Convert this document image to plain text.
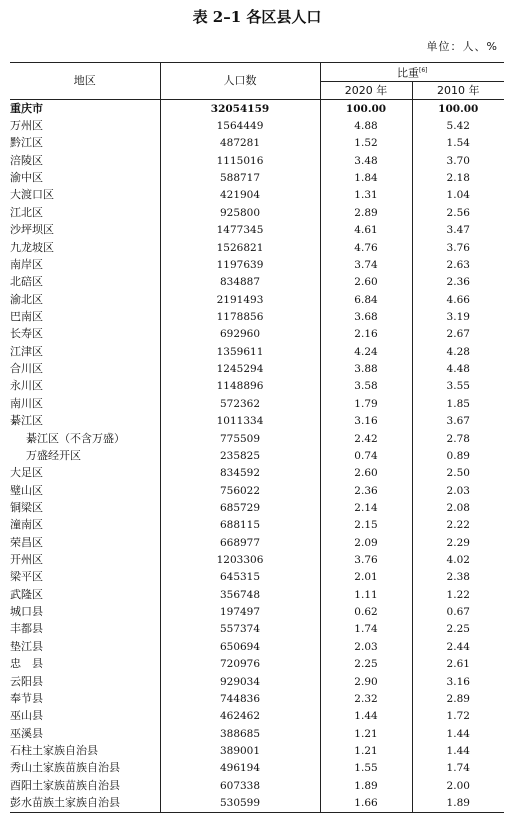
表 2–1 各区县人口
单位：人、%
地区	人口数	比重[6]
		2020 年	2010 年
重庆市	32054159	100.00	100.00
万州区	1564449	4.88	5.42
黔江区	487281	1.52	1.54
涪陵区	1115016	3.48	3.70
渝中区	588717	1.84	2.18
大渡口区	421904	1.31	1.04
江北区	925800	2.89	2.56
沙坪坝区	1477345	4.61	3.47
九龙坡区	1526821	4.76	3.76
南岸区	1197639	3.74	2.63
北碚区	834887	2.60	2.36
渝北区	2191493	6.84	4.66
巴南区	1178856	3.68	3.19
长寿区	692960	2.16	2.67
江津区	1359611	4.24	4.28
合川区	1245294	3.88	4.48
永川区	1148896	3.58	3.55
南川区	572362	1.79	1.85
綦江区	1011334	3.16	3.67
綦江区（不含万盛）	775509	2.42	2.78
万盛经开区	235825	0.74	0.89
大足区	834592	2.60	2.50
璧山区	756022	2.36	2.03
铜梁区	685729	2.14	2.08
潼南区	688115	2.15	2.22
荣昌区	668977	2.09	2.29
开州区	1203306	3.76	4.02
梁平区	645315	2.01	2.38
武隆区	356748	1.11	1.22
城口县	197497	0.62	0.67
丰都县	557374	1.74	2.25
垫江县	650694	2.03	2.44
忠　县	720976	2.25	2.61
云阳县	929034	2.90	3.16
奉节县	744836	2.32	2.89
巫山县	462462	1.44	1.72
巫溪县	388685	1.21	1.44
石柱土家族自治县	389001	1.21	1.44
秀山土家族苗族自治县	496194	1.55	1.74
酉阳土家族苗族自治县	607338	1.89	2.00
彭水苗族土家族自治县	530599	1.66	1.89
